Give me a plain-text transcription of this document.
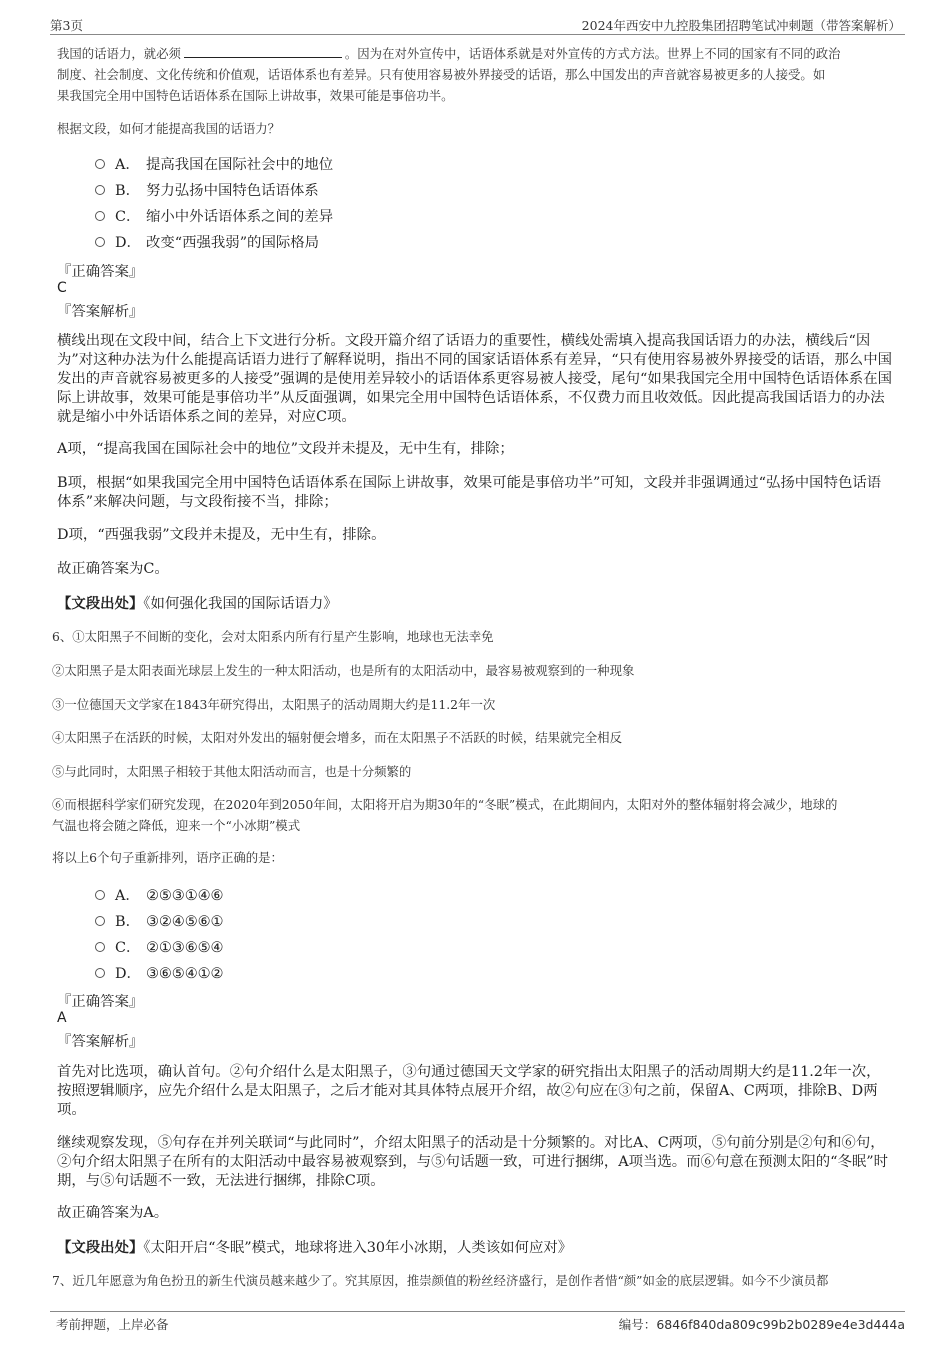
第3页	2024年西安中九控股集团招聘笔试冲刺题（带答案解析）
我国的话语力，就必须	。因为在对外宣传中，话语体系就是对外宣传的方式方法。世界上不同的国家有不同的政治
制度、社会制度、文化传统和价值观，话语体系也有差异。只有使用容易被外界接受的话语，那么中国发出的声音就容易被更多的人接受。如
果我国完全用中国特色话语体系在国际上讲故事，效果可能是事倍功半。
根据文段，如何才能提高我国的话语力？
A． 提高我国在国际社会中的地位
B． 努力弘扬中国特色话语体系
C． 缩小中外话语体系之间的差异
D． 改变“西强我弱”的国际格局
『正确答案』
C
『答案解析』

横线出现在文段中间，结合上下文进行分析。文段开篇介绍了话语力的重要性，横线处需填入提高我国话语力的办法，横线后“因为”对这种办法为什么能提高话语力进行了解释说明，指出不同的国家话语体系有差异，“只有使用容易被外界接受的话语，那么中国发出的声音就容易被更多的人接受”强调的是使用差异较小的话语体系更容易被人接受，尾句“如果我国完全用中国特色话语体系在国际上讲故事，效果可能是事倍功半”从反面强调，如果完全用中国特色话语体系，不仅费力而且收效低。因此提高我国话语力的办法就是缩小中外话语体系之间的差异，对应C项。

A项，“提高我国在国际社会中的地位”文段并未提及，无中生有，排除；

B项，根据“如果我国完全用中国特色话语体系在国际上讲故事，效果可能是事倍功半”可知，文段并非强调通过“弘扬中国特色话语体系”来解决问题，与文段衔接不当，排除；

D项，“西强我弱”文段并未提及，无中生有，排除。

故正确答案为C。

【文段出处】《如何强化我国的国际话语力》
6、①太阳黑子不间断的变化，会对太阳系内所有行星产生影响，地球也无法幸免
②太阳黑子是太阳表面光球层上发生的一种太阳活动，也是所有的太阳活动中，最容易被观察到的一种现象
③一位德国天文学家在1843年研究得出，太阳黑子的活动周期大约是11.2年一次
④太阳黑子在活跃的时候，太阳对外发出的辐射便会增多，而在太阳黑子不活跃的时候，结果就完全相反
⑤与此同时，太阳黑子相较于其他太阳活动而言，也是十分频繁的
⑥而根据科学家们研究发现，在2020年到2050年间，太阳将开启为期30年的“冬眠”模式，在此期间内，太阳对外的整体辐射将会减少，地球的
气温也将会随之降低，迎来一个“小冰期”模式
将以上6个句子重新排列，语序正确的是：
A． ②⑤③①④⑥
B． ③②④⑤⑥①
C． ②①③⑥⑤④
D． ③⑥⑤④①②
『正确答案』
A
『答案解析』

首先对比选项，确认首句。②句介绍什么是太阳黑子，③句通过德国天文学家的研究指出太阳黑子的活动周期大约是11.2年一次，按照逻辑顺序，应先介绍什么是太阳黑子，之后才能对其具体特点展开介绍，故②句应在③句之前，保留A、C两项，排除B、D两项。

继续观察发现，⑤句存在并列关联词“与此同时”，介绍太阳黑子的活动是十分频繁的。对比A、C两项，⑤句前分别是②句和⑥句，②句介绍太阳黑子在所有的太阳活动中最容易被观察到，与⑤句话题一致，可进行捆绑，A项当选。而⑥句意在预测太阳的“冬眠”时期，与⑤句话题不一致，无法进行捆绑，排除C项。

故正确答案为A。

【文段出处】《太阳开启“冬眠”模式，地球将进入30年小冰期，人类该如何应对》
7、近几年愿意为角色扮丑的新生代演员越来越少了。究其原因，推崇颜值的粉丝经济盛行，是创作者惜“颜”如金的底层逻辑。如今不少演员都
考前押题，上岸必备	编号：6846f840da809c99b2b0289e4e3d444a
